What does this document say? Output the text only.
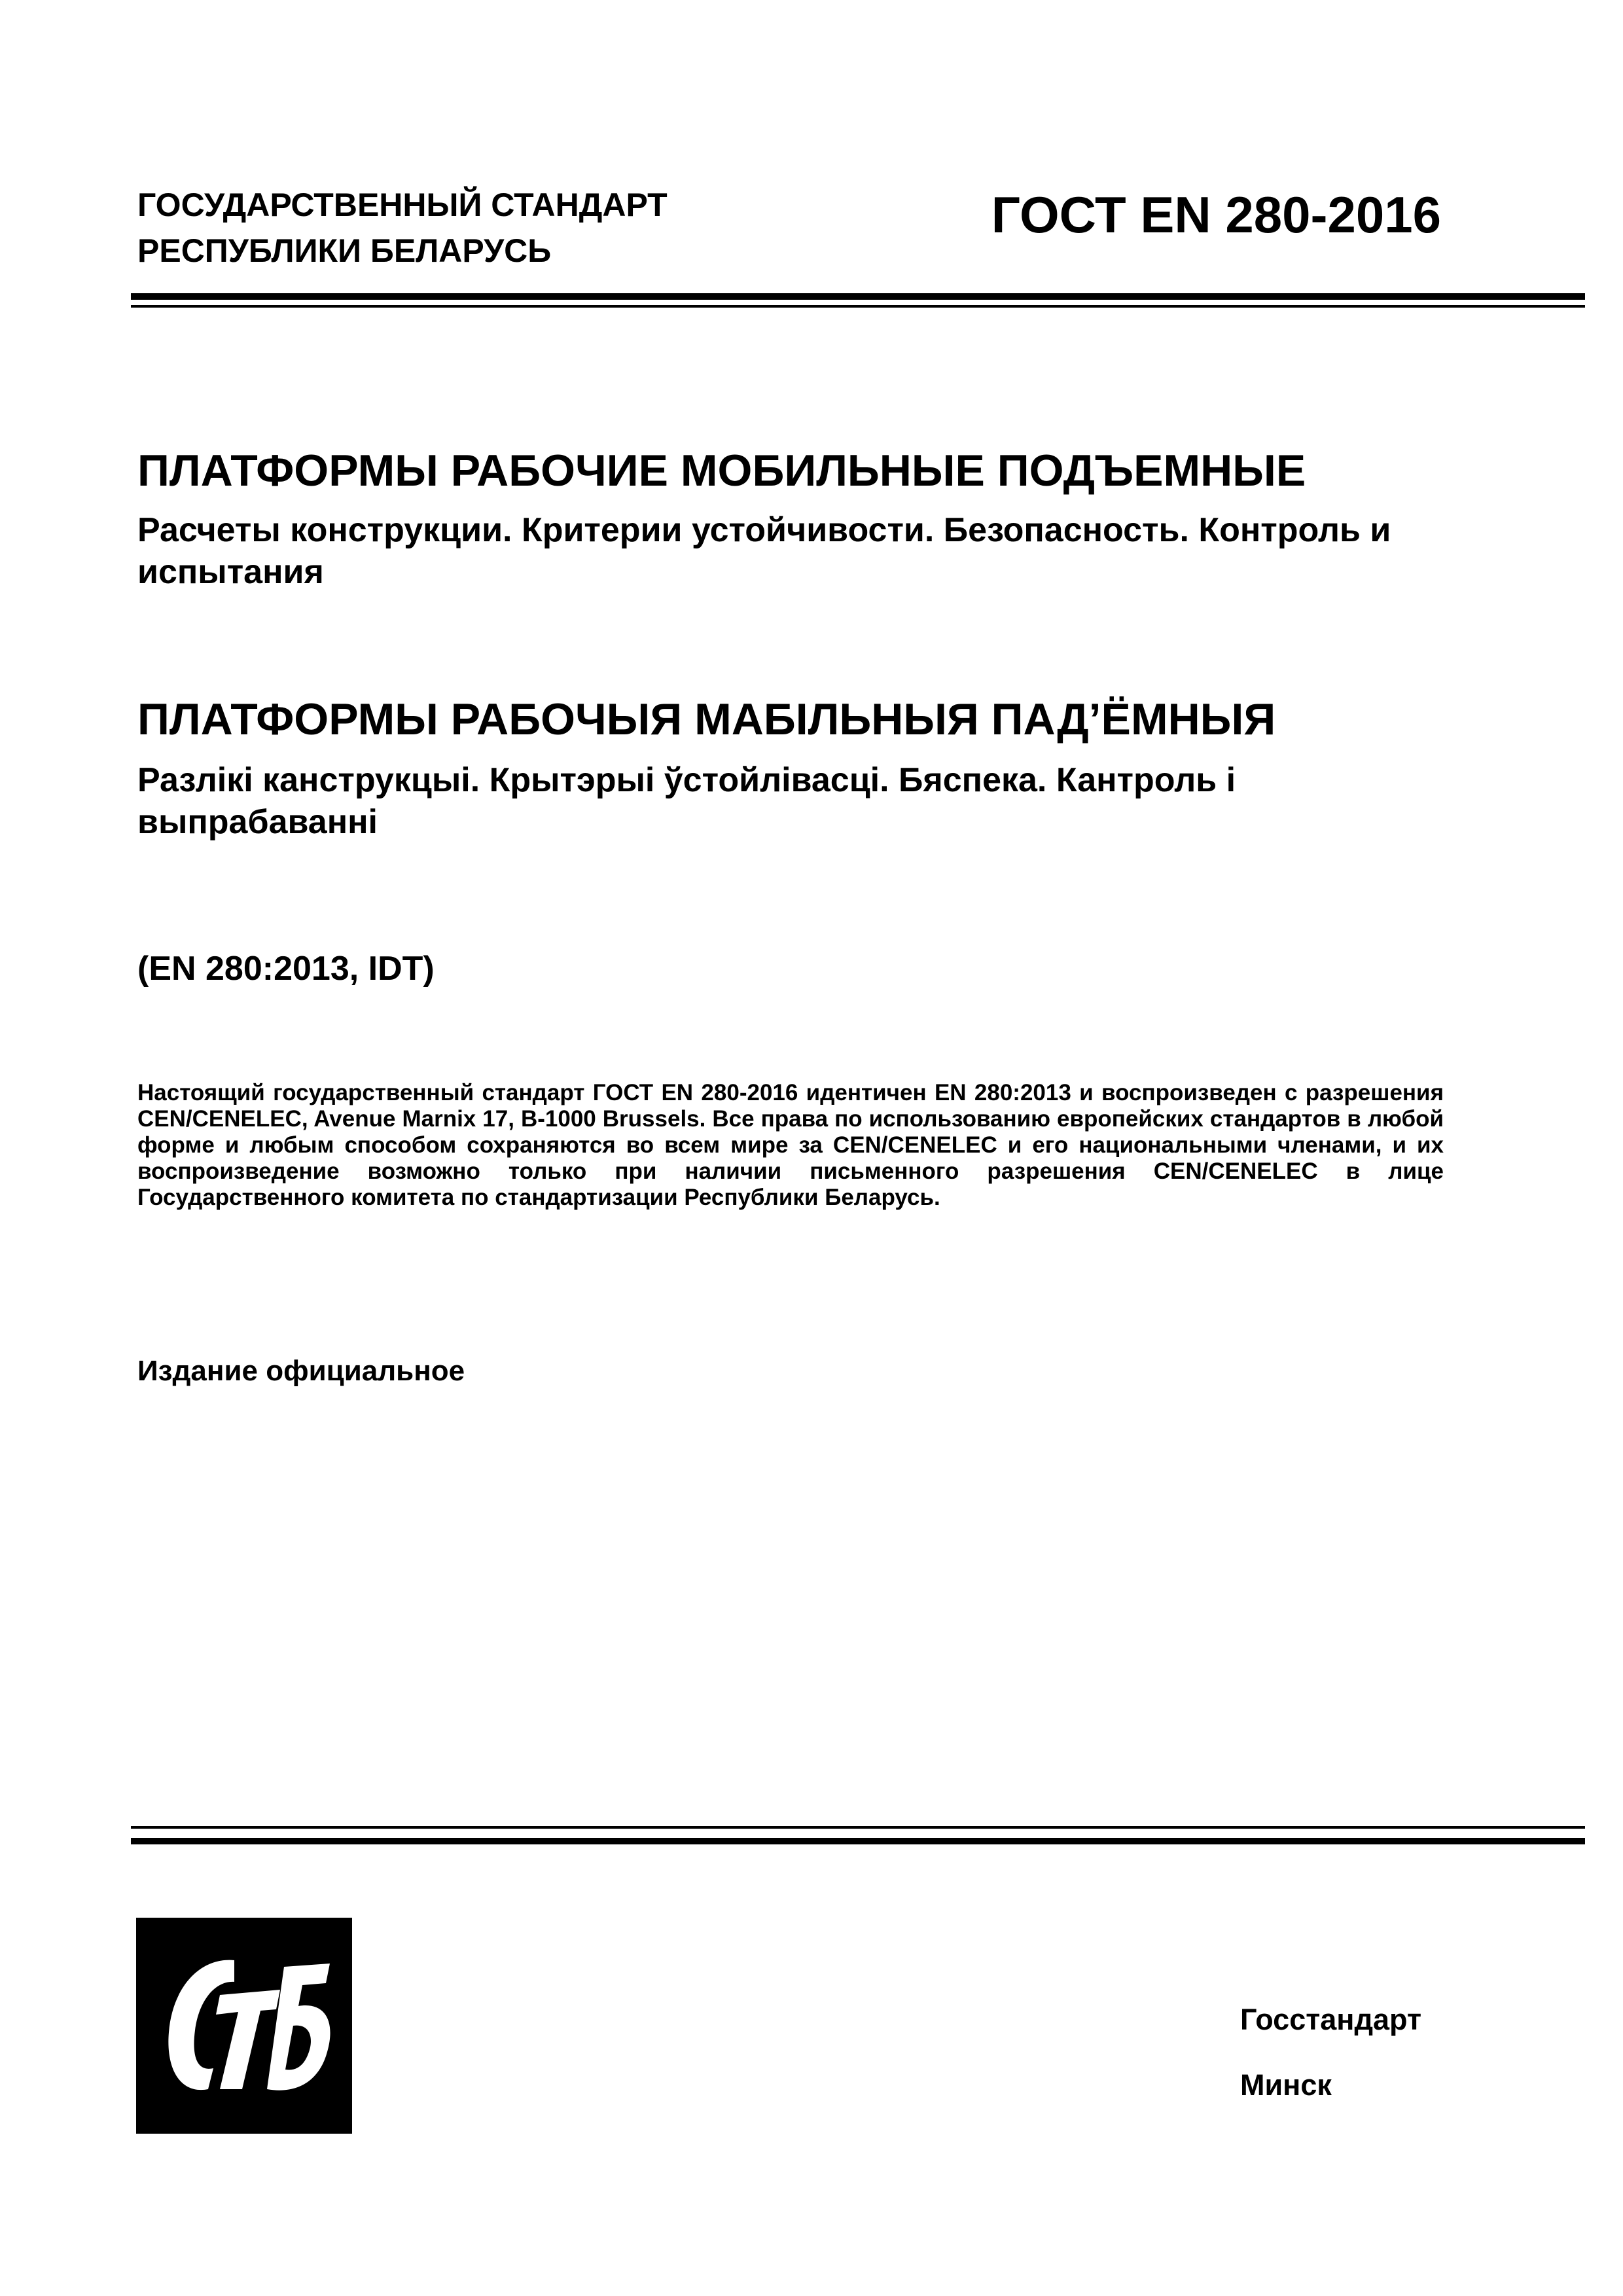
ГОСУДАРСТВЕННЫЙ СТАНДАРТ
РЕСПУБЛИКИ БЕЛАРУСЬ
ГОСТ EN 280-2016
ПЛАТФОРМЫ РАБОЧИЕ МОБИЛЬНЫЕ ПОДЪЕМНЫЕ
Расчеты конструкции. Критерии устойчивости. Безопасность. Контроль и испытания
ПЛАТФОРМЫ РАБОЧЫЯ МАБІЛЬНЫЯ ПАД’ЁМНЫЯ
Разлікі канструкцыі. Крытэрыі ўстойлівасці. Бяспека. Кантроль і выпрабаванні
(EN 280:2013, IDT)
Настоящий государственный стандарт ГОСТ EN 280-2016 идентичен EN 280:2013 и воспроизведен с разрешения CEN/CENELEC, Avenue Marnix 17, B-1000 Brussels. Все права по использованию европейских стандартов в любой форме и любым способом сохраняются во всем мире за CEN/CENELEC и его национальными членами, и их воспроизведение возможно только при наличии письменного разрешения CEN/CENELEC в лице Государственного комитета по стандартизации Республики Беларусь.
Издание официальное
Госстандарт
Минск
